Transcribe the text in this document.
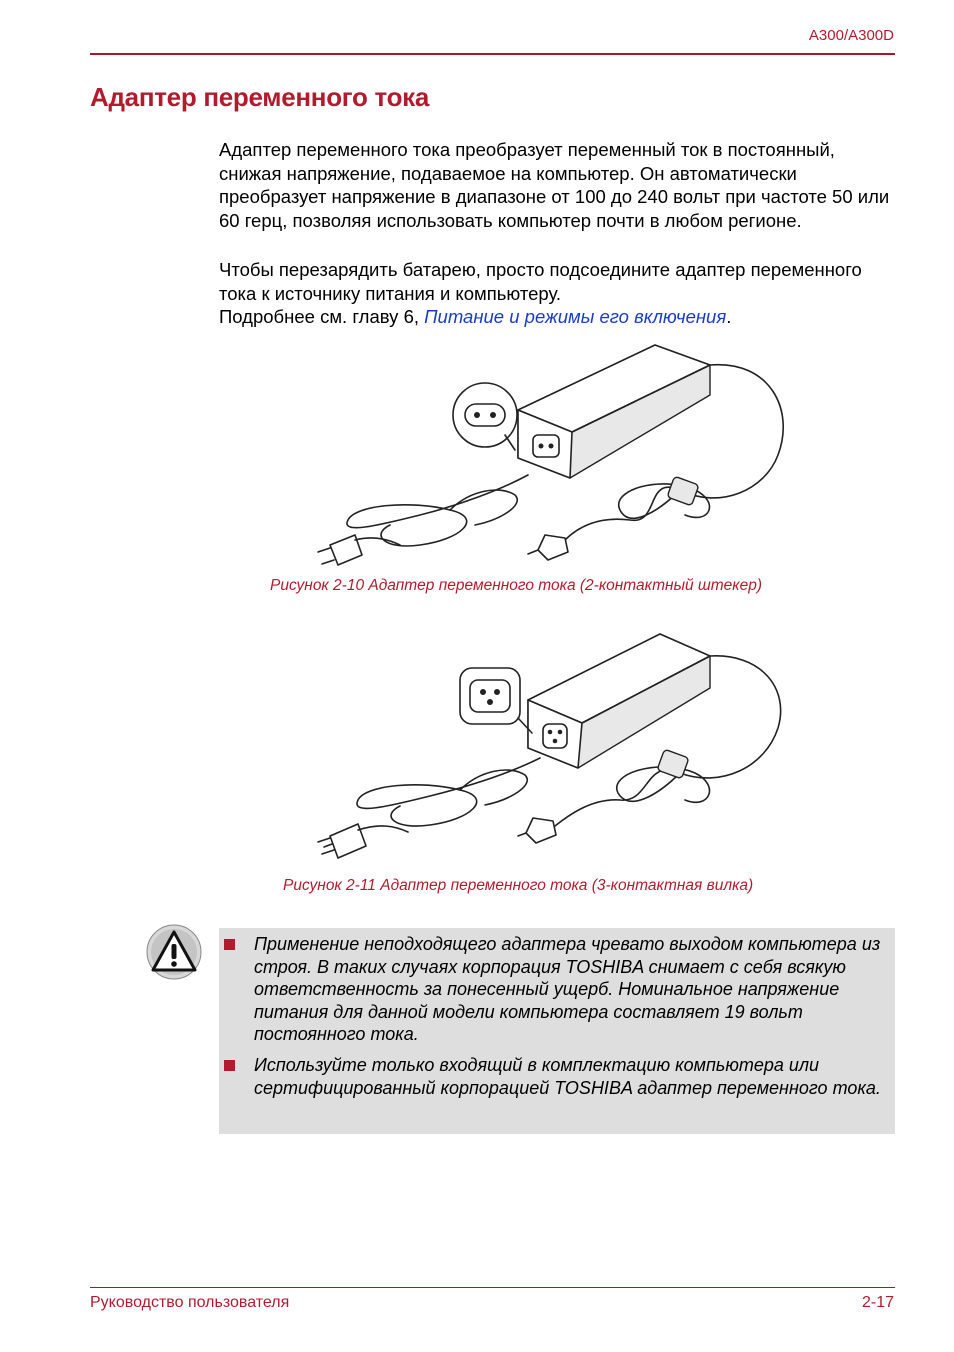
A300/A300D
Адаптер переменного тока
Адаптер переменного тока преобразует переменный ток в постоянный, снижая напряжение, подаваемое на компьютер. Он автоматически преобразует напряжение в диапазоне от 100 до 240 вольт при частоте 50 или 60 герц, позволяя использовать компьютер почти в любом регионе.
Чтобы перезарядить батарею, просто подсоедините адаптер переменного тока к источнику питания и компьютеру.
Подробнее см. главу 6, Питание и режимы его включения.
Рисунок 2-10 Адаптер переменного тока (2-контактный штекер)
Рисунок 2-11 Адаптер переменного тока (3-контактная вилка)
Применение неподходящего адаптера чревато выходом компьютера из строя. В таких случаях корпорация TOSHIBA снимает с себя всякую ответственность за понесенный ущерб. Номинальное напряжение питания для данной модели компьютера составляет 19 вольт постоянного тока.
Используйте только входящий в комплектацию компьютера или сертифицированный корпорацией TOSHIBA адаптер переменного тока.
Руководство пользователя	2-17
